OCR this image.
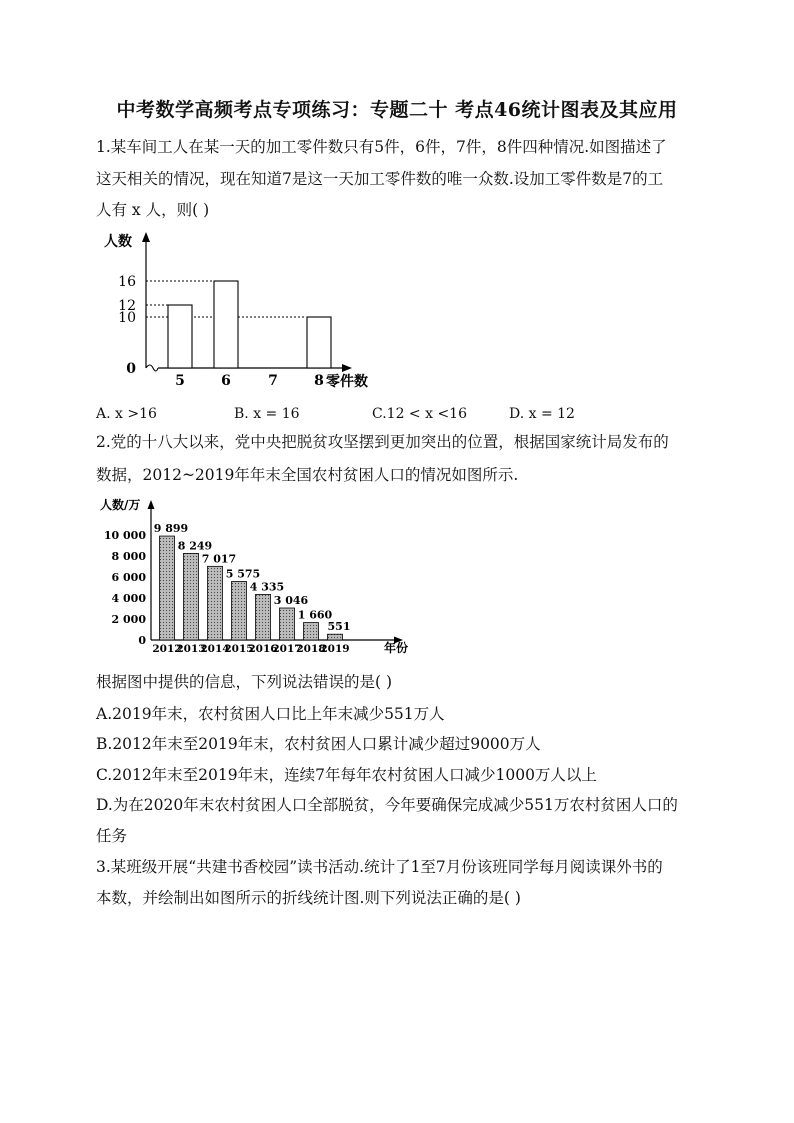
中考数学高频考点专项练习：专题二十 考点46统计图表及其应用
1.某车间工人在某一天的加工零件数只有5件，6件，7件，8件四种情况.如图描述了
这天相关的情况，现在知道7是这一天加工零件数的唯一众数.设加工零件数是7的工
人有 x 人，则( )
0
10
12
16
5	6	7	8
人数
零件数
A. x >16	B. x = 16	C.12 < x <16	D. x = 12
2.党的十八大以来，党中央把脱贫攻坚摆到更加突出的位置，根据国家统计局发布的
数据，2012~2019年年末全国农村贫困人口的情况如图所示.
人数/万
年份
0
2 000
4 000
6 000
8 000
10 000
9 899
2012
8 249
2013
7 017
2014
5 575
2015
4 335
2016
3 046
2017
1 660
2018
551
2019
根据图中提供的信息，下列说法错误的是( )
A.2019年末，农村贫困人口比上年末减少551万人
B.2012年末至2019年末，农村贫困人口累计减少超过9000万人
C.2012年末至2019年末，连续7年每年农村贫困人口减少1000万人以上
D.为在2020年末农村贫困人口全部脱贫，今年要确保完成减少551万农村贫困人口的
任务
3.某班级开展“共建书香校园”读书活动.统计了1至7月份该班同学每月阅读课外书的
本数，并绘制出如图所示的折线统计图.则下列说法正确的是( )
